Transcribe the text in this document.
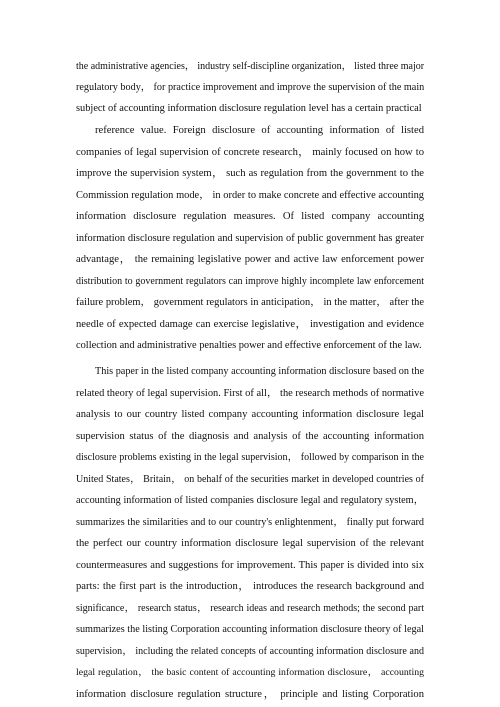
the administrative agencies， industry self-discipline organization， listed three major
regulatory body， for practice improvement and improve the supervision of the main
subject of accounting information disclosure regulation level has a certain practical
reference value. Foreign disclosure of accounting information of listed
companies of legal supervision of concrete research， mainly focused on how to
improve the supervision system， such as regulation from the government to the
Commission regulation mode， in order to make concrete and effective accounting
information disclosure regulation measures. Of listed company accounting
information disclosure regulation and supervision of public government has greater
advantage， the remaining legislative power and active law enforcement power
distribution to government regulators can improve highly incomplete law enforcement
failure problem， government regulators in anticipation， in the matter， after the
needle of expected damage can exercise legislative， investigation and evidence
collection and administrative penalties power and effective enforcement of the law.
This paper in the listed company accounting information disclosure based on the
related theory of legal supervision. First of all， the research methods of normative
analysis to our country listed company accounting information disclosure legal
supervision status of the diagnosis and analysis of the accounting information
disclosure problems existing in the legal supervision， followed by comparison in the
United States， Britain， on behalf of the securities market in developed countries of
accounting information of listed companies disclosure legal and regulatory system，
summarizes the similarities and to our country's enlightenment， finally put forward
the perfect our country information disclosure legal supervision of the relevant
countermeasures and suggestions for improvement. This paper is divided into six
parts: the first part is the introduction， introduces the research background and
significance， research status， research ideas and research methods; the second part
summarizes the listing Corporation accounting information disclosure theory of legal
supervision， including the related concepts of accounting information disclosure and
legal regulation， the basic content of accounting information disclosure， accounting
information disclosure regulation structure， principle and listing Corporation
